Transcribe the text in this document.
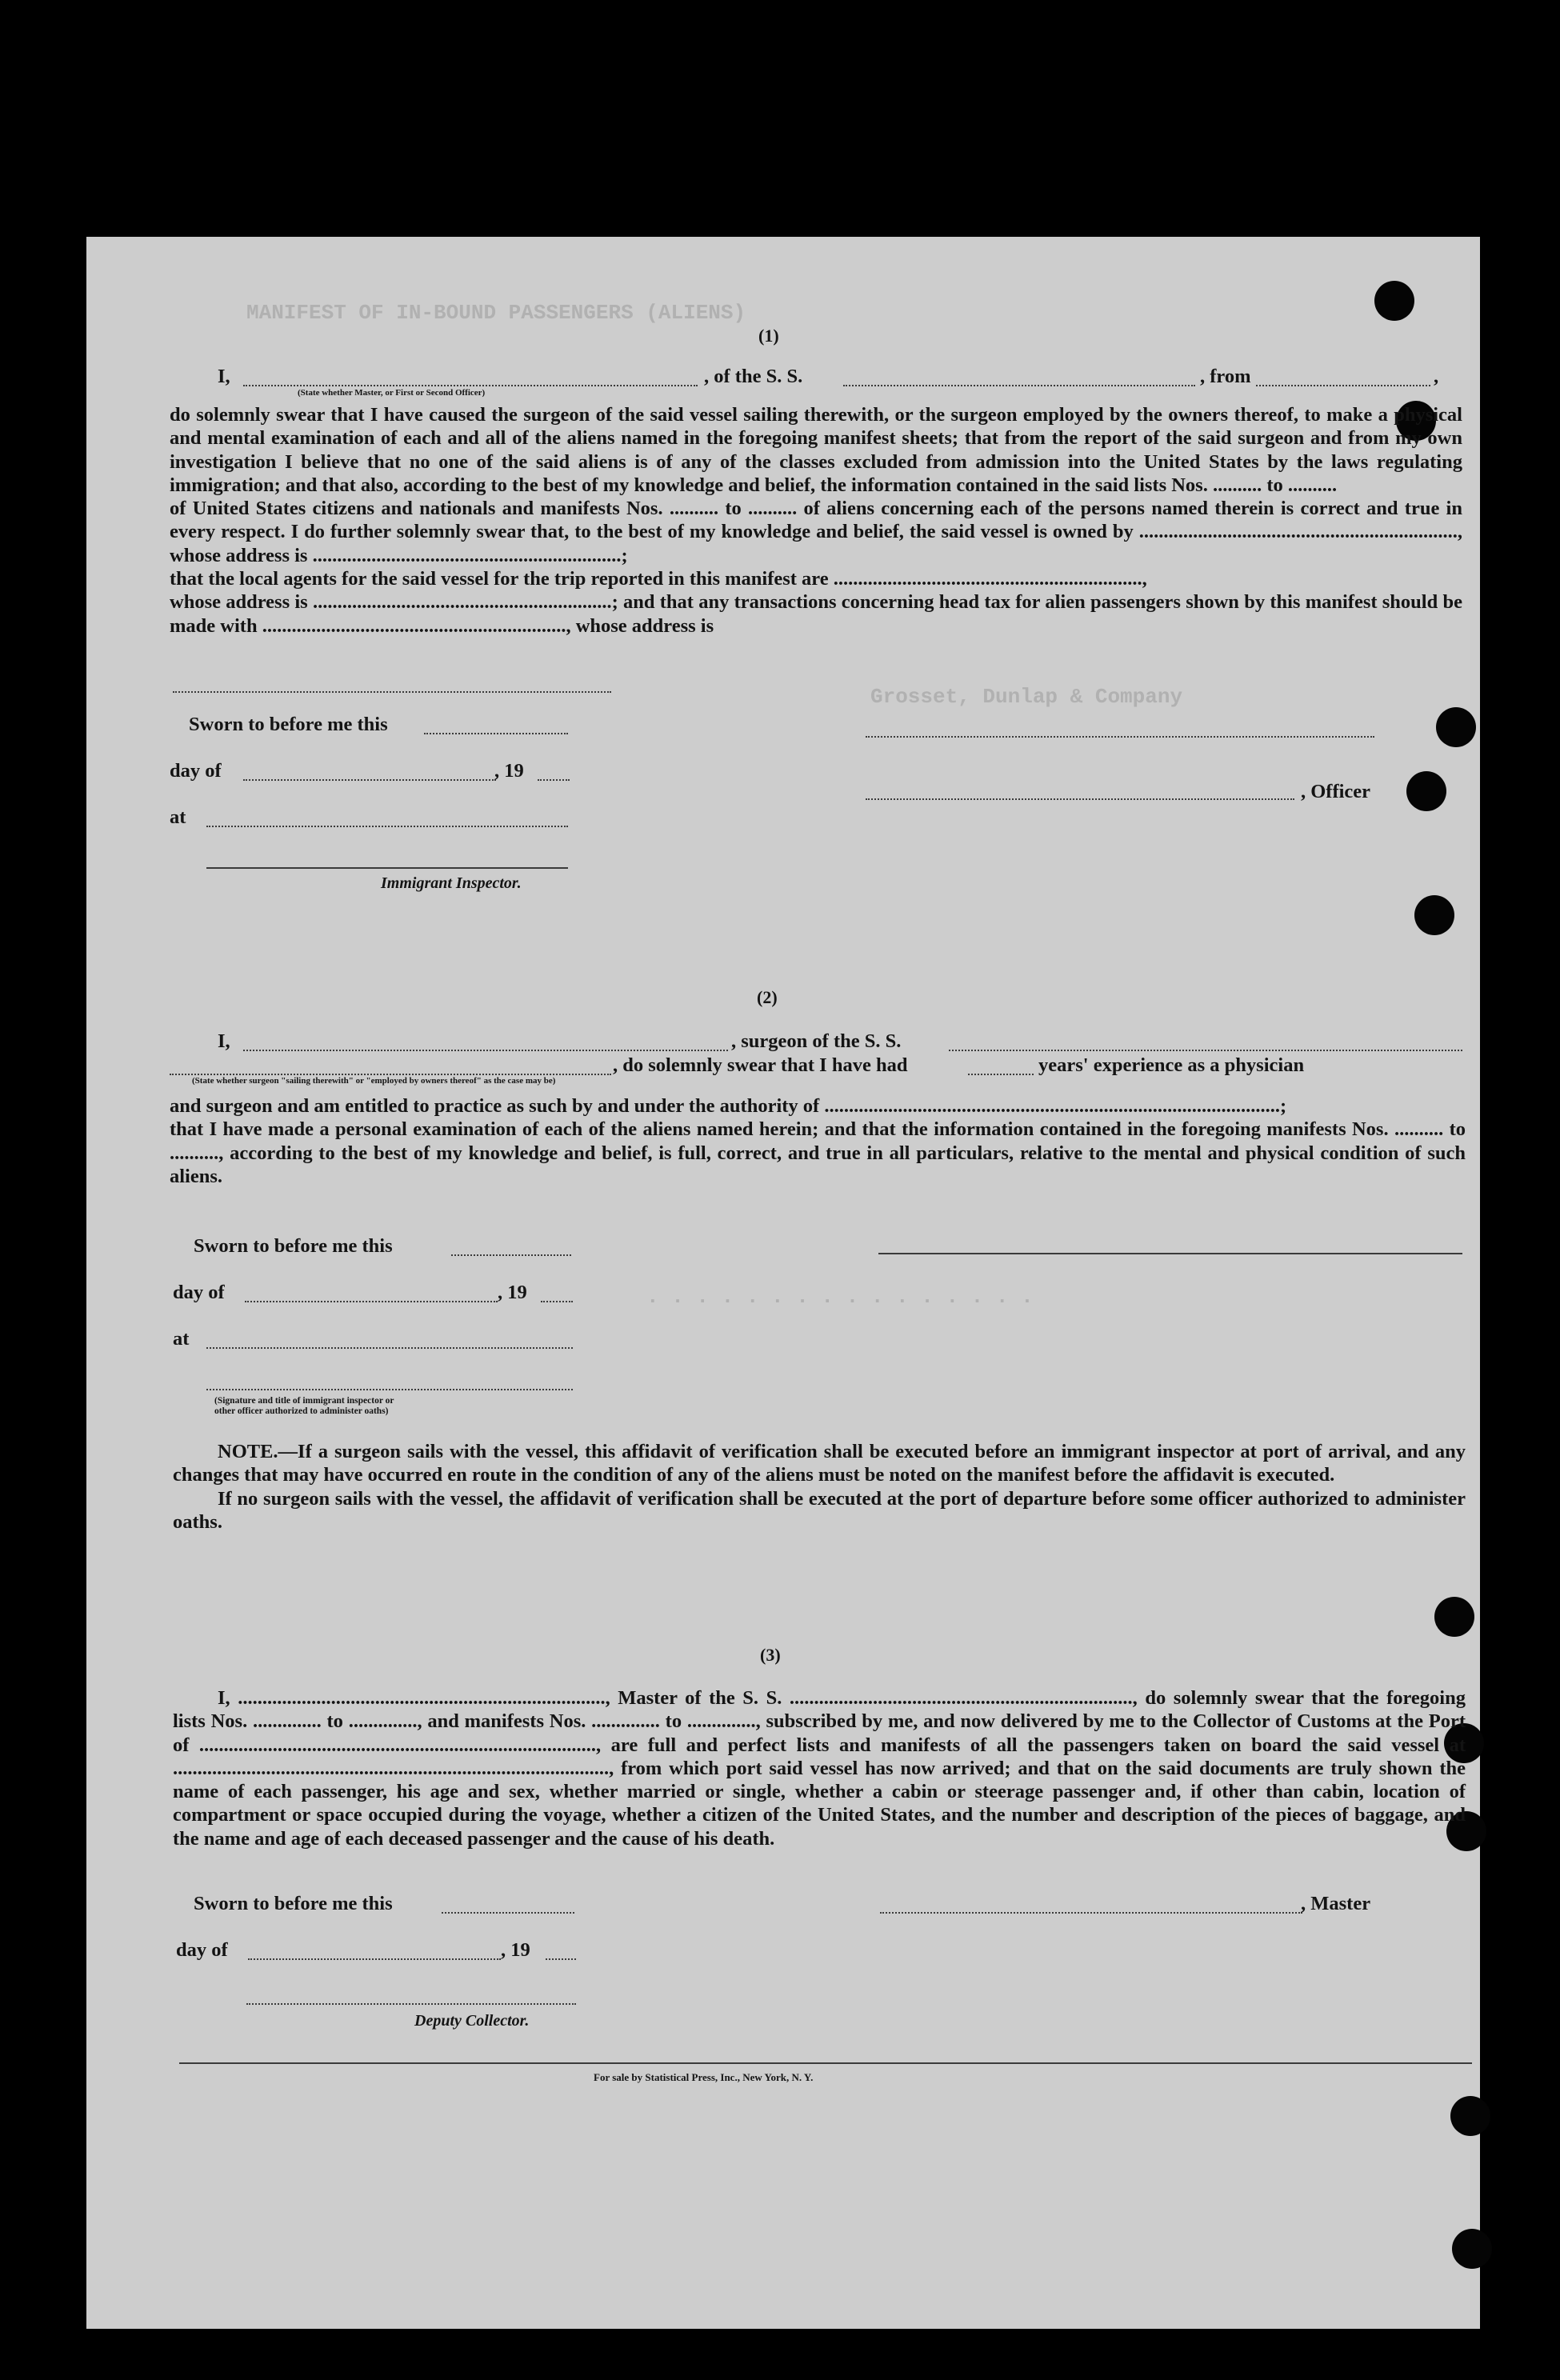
MANIFEST OF IN-BOUND PASSENGERS (ALIENS)
Grosset, Dunlap & Company
. . . . . . . . . . . . . . . .
(1)
I,	, of the S. S.	, from	,
(State whether Master, or First or Second Officer)

do solemnly swear that I have caused the surgeon of the said vessel sailing therewith, or the surgeon employed by the owners thereof, to make a physical and mental examination of each and all of the aliens named in the foregoing manifest sheets; that from the report of the said surgeon and from my own investigation I believe that no one of the said aliens is of any of the classes excluded from admission into the United States by the laws regulating immigration; and that also, according to the best of my knowledge and belief, the information contained in the said lists Nos. .......... to ..........

of United States citizens and nationals and manifests Nos. .......... to .......... of aliens concerning each of the persons named therein is correct and true in every respect. I do further solemnly swear that, to the best of my knowledge and belief, the said vessel is owned by ................................................................., whose address is ...............................................................;

that the local agents for the said vessel for the trip reported in this manifest are ...............................................................,

whose address is .............................................................; and that any transactions concerning head tax for alien passengers shown by this manifest should be made with .............................................................., whose address is

Sworn to before me this
day of	, 19
at
Immigrant Inspector.
, Officer
(2)
I,	, surgeon of the S. S.
, do solemnly swear that I have had	years' experience as a physician
(State whether surgeon "sailing therewith" or "employed by owners thereof" as the case may be)

and surgeon and am entitled to practice as such by and under the authority of .............................................................................................;

that I have made a personal examination of each of the aliens named herein; and that the information contained in the foregoing manifests Nos. .......... to .........., according to the best of my knowledge and belief, is full, correct, and true in all particulars, relative to the mental and physical condition of such aliens.

Sworn to before me this
day of	, 19
at
(Signature and title of immigrant inspector or
other officer authorized to administer oaths)

NOTE.—If a surgeon sails with the vessel, this affidavit of verification shall be executed before an immigrant inspector at port of arrival, and any changes that may have occurred en route in the condition of any of the aliens must be noted on the manifest before the affidavit is executed.

If no surgeon sails with the vessel, the affidavit of verification shall be executed at the port of departure before some officer authorized to administer oaths.

(3)

I, ..........................................................................., Master of the S. S. ......................................................................, do solemnly swear that the foregoing lists Nos. .............. to .............., and manifests Nos. .............. to .............., subscribed by me, and now delivered by me to the Collector of Customs at the Port of ................................................................................., are full and perfect lists and manifests of all the passengers taken on board the said vessel at ........................................................................................., from which port said vessel has now arrived; and that on the said documents are truly shown the name of each passenger, his age and sex, whether married or single, whether a cabin or steerage passenger and, if other than cabin, location of compartment or space occupied during the voyage, whether a citizen of the United States, and the number and description of the pieces of baggage, and the name and age of each deceased passenger and the cause of his death.

Sworn to before me this	, Master
day of	, 19
Deputy Collector.
For sale by Statistical Press, Inc., New York, N. Y.
